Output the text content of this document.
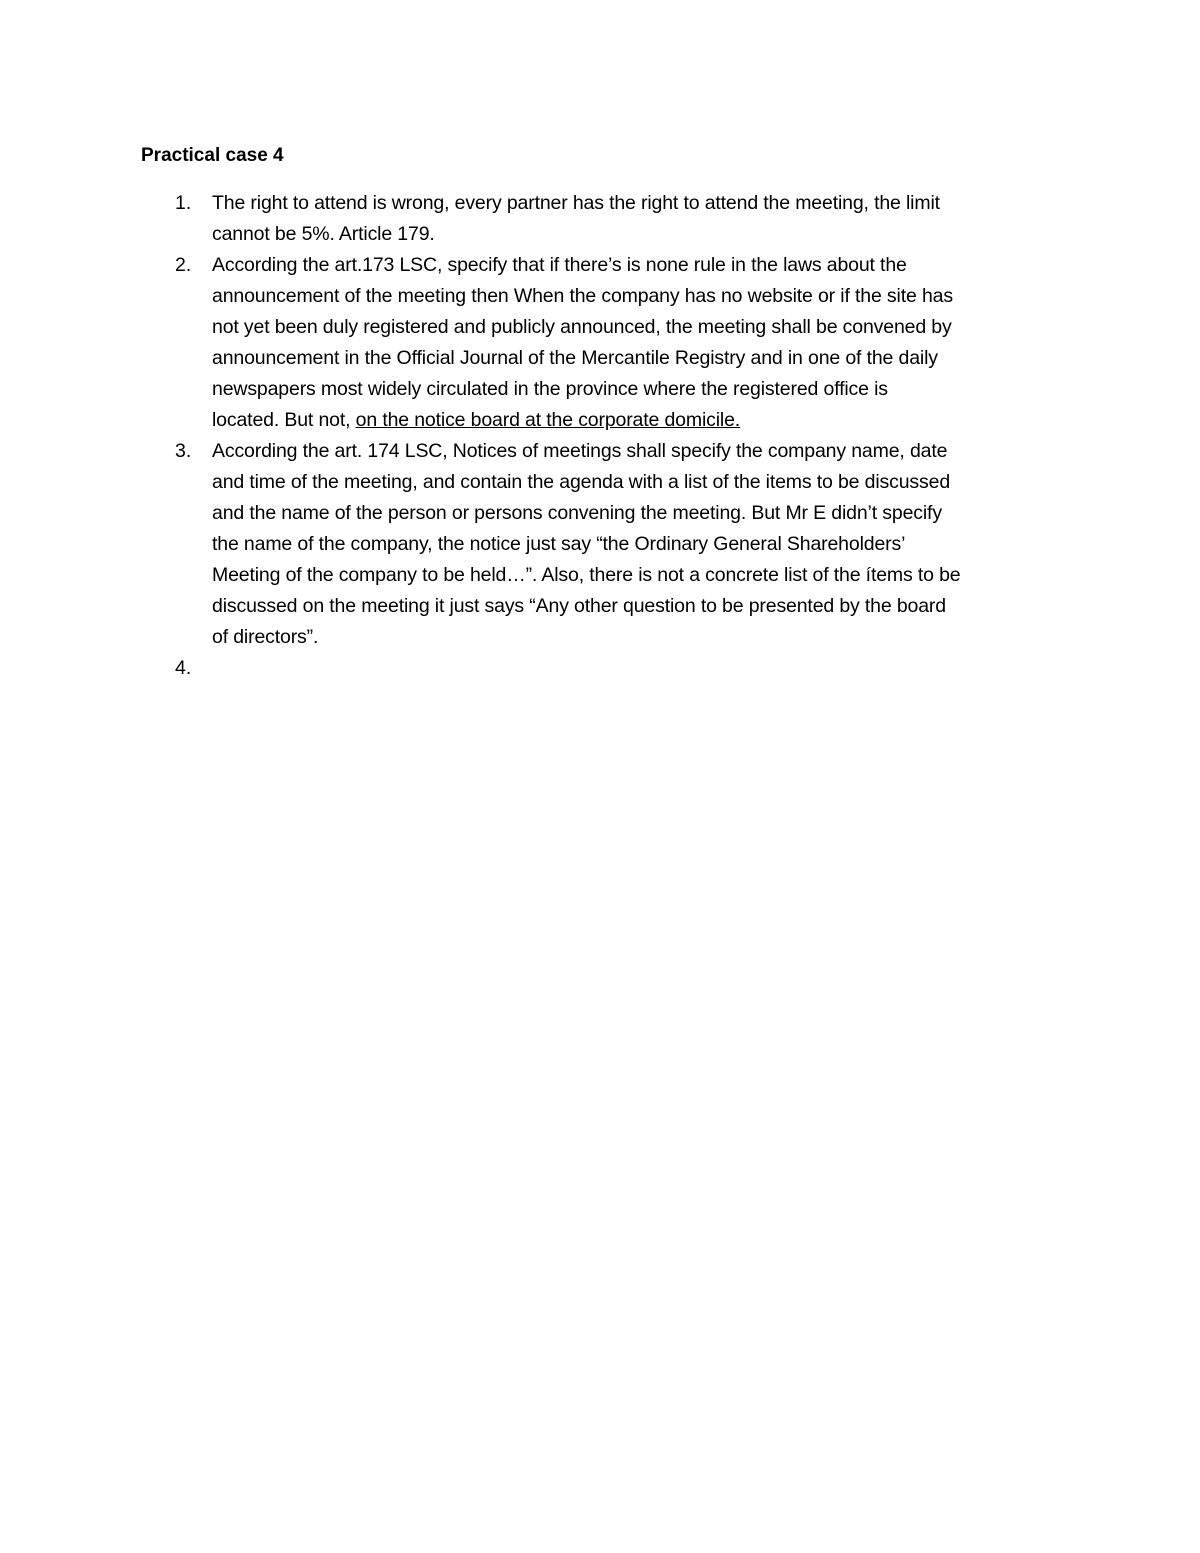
Practical case 4
1. The right to attend is wrong, every partner has the right to attend the meeting, the limit
cannot be 5%. Article 179.
2. According the art.173 LSC, specify that if there’s is none rule in the laws about the
announcement of the meeting then When the company has no website or if the site has
not yet been duly registered and publicly announced, the meeting shall be convened by
announcement in the Official Journal of the Mercantile Registry and in one of the daily
newspapers most widely circulated in the province where the registered office is
located. But not, on the notice board at the corporate domicile.
3. According the art. 174 LSC, Notices of meetings shall specify the company name, date
and time of the meeting, and contain the agenda with a list of the items to be discussed
and the name of the person or persons convening the meeting. But Mr E didn’t specify
the name of the company, the notice just say “the Ordinary General Shareholders’
Meeting of the company to be held…”. Also, there is not a concrete list of the ítems to be
discussed on the meeting it just says “Any other question to be presented by the board
of directors”.
4.
